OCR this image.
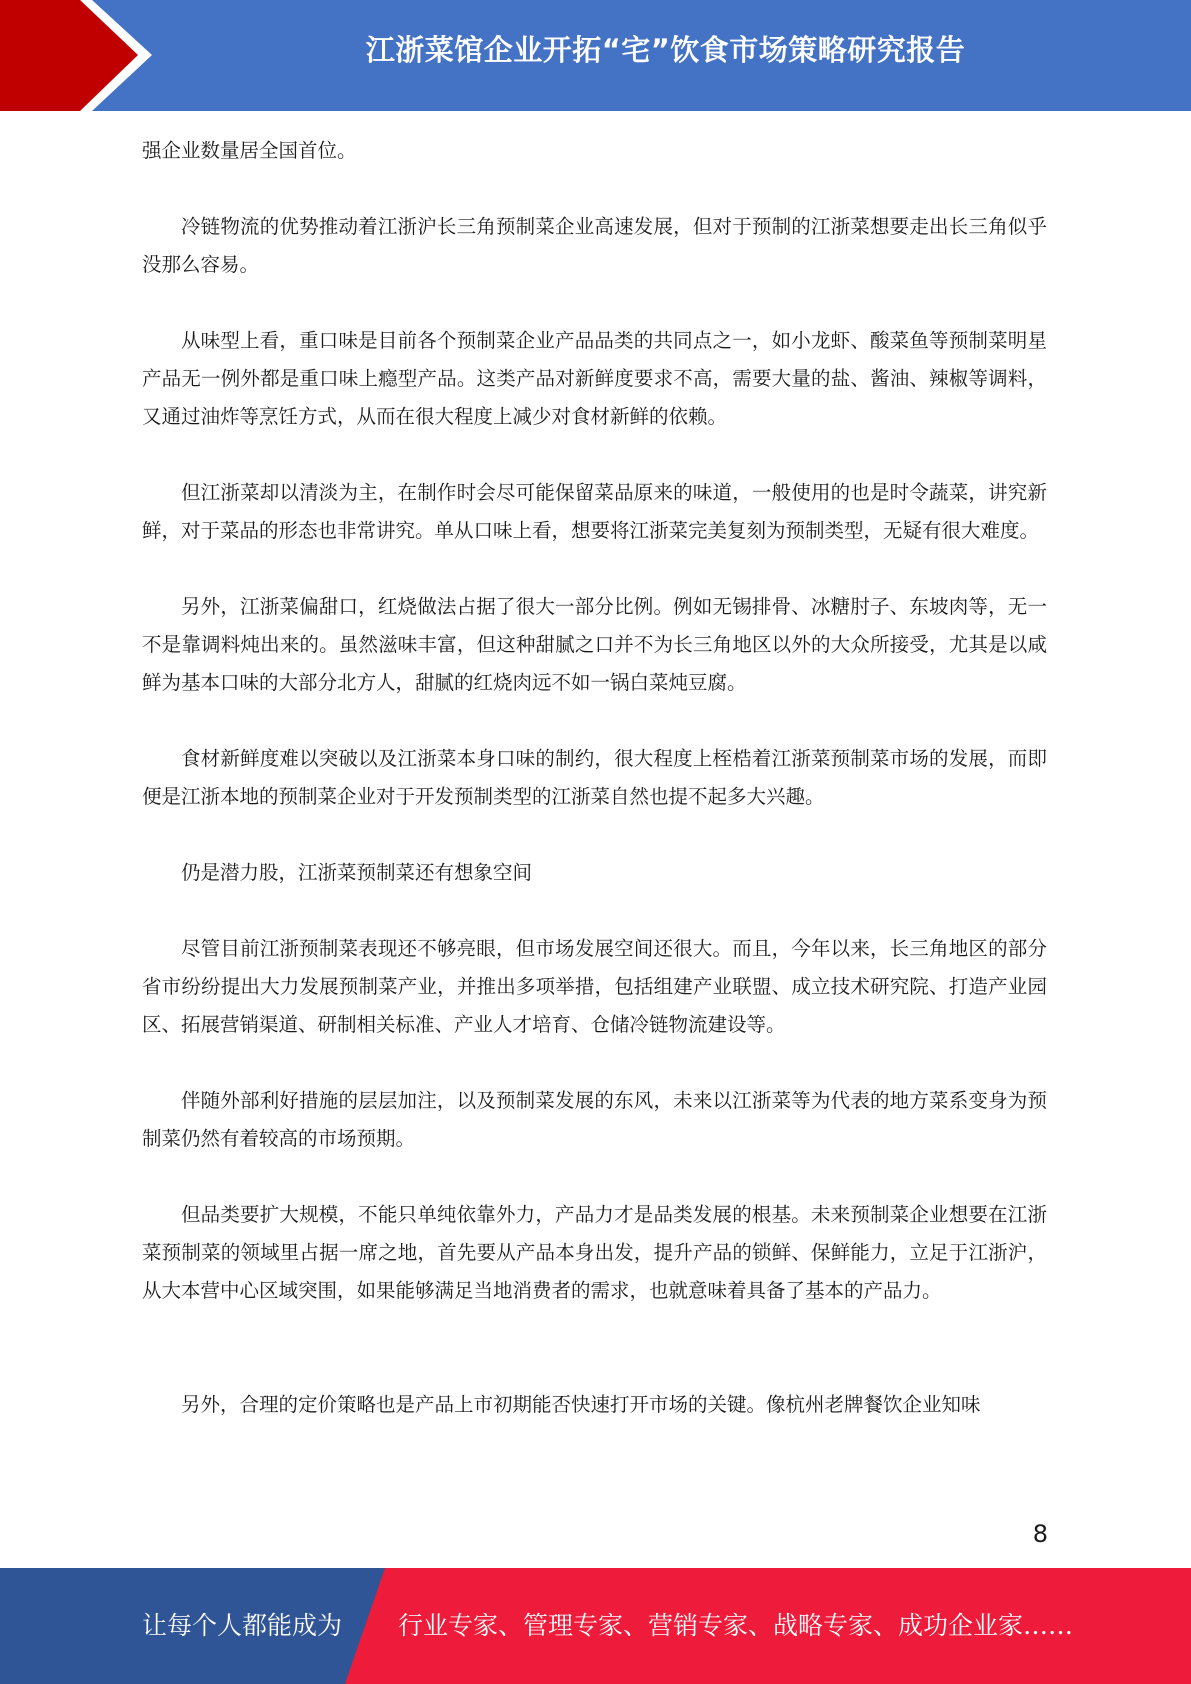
江浙菜馆企业开拓“宅”饮食市场策略研究报告

强企业数量居全国首位。

冷链物流的优势推动着江浙沪长三角预制菜企业高速发展，但对于预制的江浙菜想要走出长三角似乎没那么容易。

从味型上看，重口味是目前各个预制菜企业产品品类的共同点之一，如小龙虾、酸菜鱼等预制菜明星产品无一例外都是重口味上瘾型产品。这类产品对新鲜度要求不高，需要大量的盐、酱油、辣椒等调料，又通过油炸等烹饪方式，从而在很大程度上减少对食材新鲜的依赖。

但江浙菜却以清淡为主，在制作时会尽可能保留菜品原来的味道，一般使用的也是时令蔬菜，讲究新鲜，对于菜品的形态也非常讲究。单从口味上看，想要将江浙菜完美复刻为预制类型，无疑有很大难度。

另外，江浙菜偏甜口，红烧做法占据了很大一部分比例。例如无锡排骨、冰糖肘子、东坡肉等，无一不是靠调料炖出来的。虽然滋味丰富，但这种甜腻之口并不为长三角地区以外的大众所接受，尤其是以咸鲜为基本口味的大部分北方人，甜腻的红烧肉远不如一锅白菜炖豆腐。

食材新鲜度难以突破以及江浙菜本身口味的制约，很大程度上桎梏着江浙菜预制菜市场的发展，而即便是江浙本地的预制菜企业对于开发预制类型的江浙菜自然也提不起多大兴趣。

仍是潜力股，江浙菜预制菜还有想象空间

尽管目前江浙预制菜表现还不够亮眼，但市场发展空间还很大。而且，今年以来，长三角地区的部分省市纷纷提出大力发展预制菜产业，并推出多项举措，包括组建产业联盟、成立技术研究院、打造产业园区、拓展营销渠道、研制相关标准、产业人才培育、仓储冷链物流建设等。

伴随外部利好措施的层层加注，以及预制菜发展的东风，未来以江浙菜等为代表的地方菜系变身为预制菜仍然有着较高的市场预期。

但品类要扩大规模，不能只单纯依靠外力，产品力才是品类发展的根基。未来预制菜企业想要在江浙菜预制菜的领域里占据一席之地，首先要从产品本身出发，提升产品的锁鲜、保鲜能力，立足于江浙沪，从大本营中心区域突围，如果能够满足当地消费者的需求，也就意味着具备了基本的产品力。

另外，合理的定价策略也是产品上市初期能否快速打开市场的关键。像杭州老牌餐饮企业知味

8
让每个人都能成为 行业专家、管理专家、营销专家、战略专家、成功企业家……
